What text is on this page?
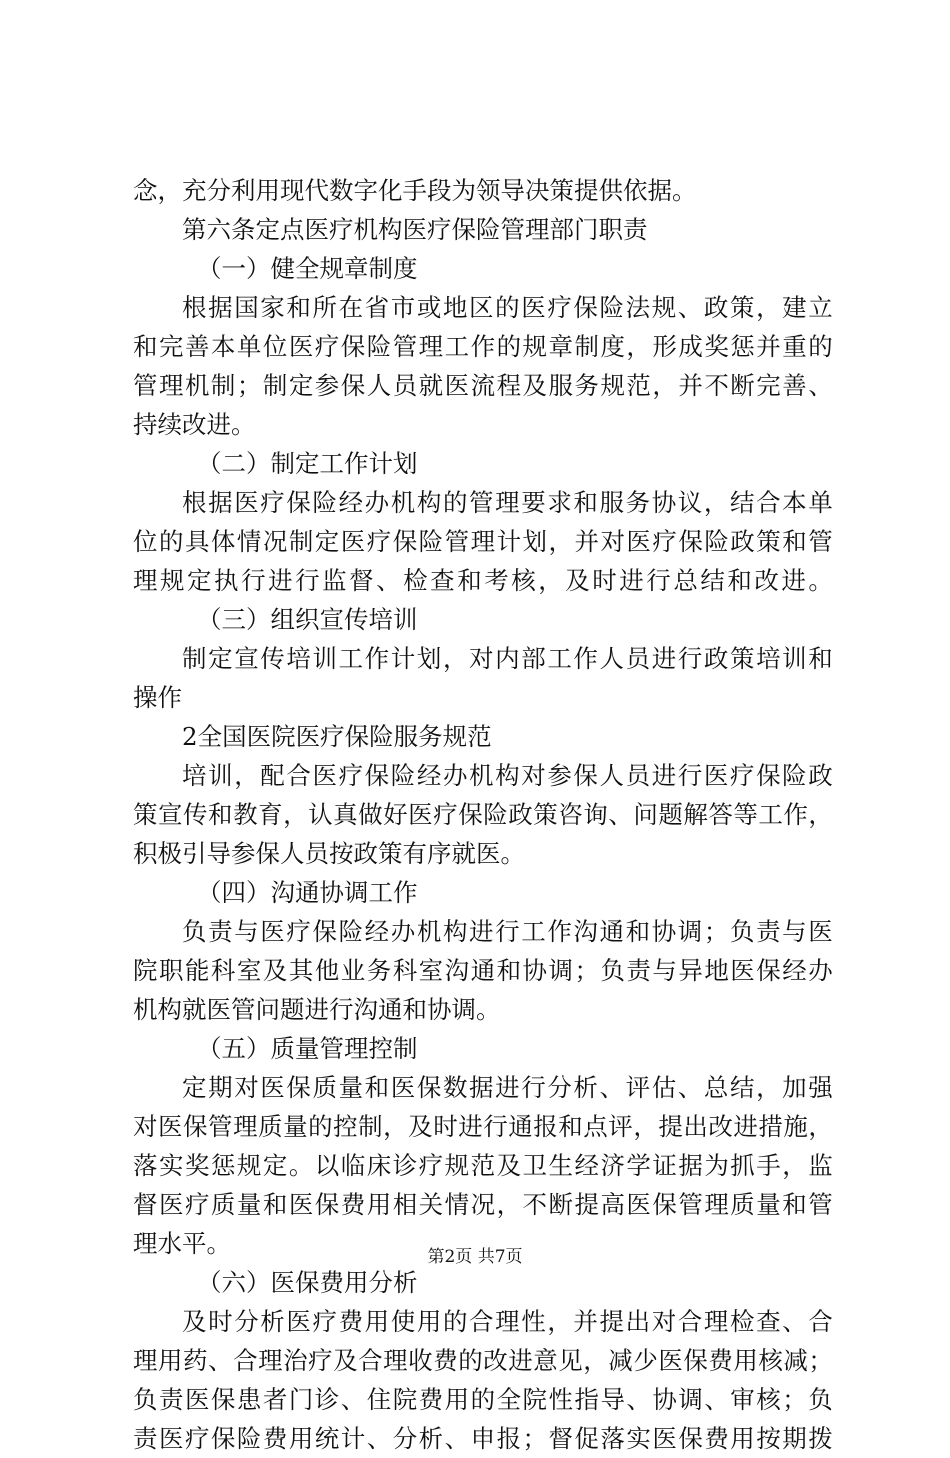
念，充分利用现代数字化手段为领导决策提供依据。
第六条定点医疗机构医疗保险管理部门职责
（一）健全规章制度
根 据 国 家 和 所 在 省 市 或 地 区 的 医 疗 保 险 法 规 、 政 策 ， 建 立
和 完 善 本 单 位 医 疗 保 险 管 理 工 作 的 规 章 制 度 ， 形 成 奖 惩 并 重 的
管 理 机 制 ； 制 定 参 保 人 员 就 医 流 程 及 服 务 规 范 ， 并 不 断 完 善 、
持续改进。
（二）制定工作计划
根 据 医 疗 保 险 经 办 机 构 的 管 理 要 求 和 服 务 协 议 ， 结 合 本 单
位 的 具 体 情 况 制 定 医 疗 保 险 管 理 计 划 ， 并 对 医 疗 保 险 政 策 和 管
理 规 定 执 行 进 行 监 督 、 检 查 和 考 核 ， 及 时 进 行 总 结 和 改 进 。
（三）组织宣传培训
制 定 宣 传 培 训 工 作 计 划 ， 对 内 部 工 作 人 员 进 行 政 策 培 训 和
操作
2全国医院医疗保险服务规范
培 训 ， 配 合 医 疗 保 险 经 办 机 构 对 参 保 人 员 进 行 医 疗 保 险 政
策 宣 传 和 教 育 ， 认 真 做 好 医 疗 保 险 政 策 咨 询 、 问 题 解 答 等 工 作 ，
积极引导参保人员按政策有序就医。
（四）沟通协调工作
负 责 与 医 疗 保 险 经 办 机 构 进 行 工 作 沟 通 和 协 调 ； 负 责 与 医
院 职 能 科 室 及 其 他 业 务 科 室 沟 通 和 协 调 ； 负 责 与 异 地 医 保 经 办
机构就医管问题进行沟通和协调。
（五）质量管理控制
定 期 对 医 保 质 量 和 医 保 数 据 进 行 分 析 、 评 估 、 总 结 ， 加 强
对 医 保 管 理 质 量 的 控 制 ， 及 时 进 行 通 报 和 点 评 ， 提 出 改 进 措 施 ，
落 实 奖 惩 规 定 。 以 临 床 诊 疗 规 范 及 卫 生 经 济 学 证 据 为 抓 手 ， 监
督 医 疗 质 量 和 医 保 费 用 相 关 情 况 ， 不 断 提 高 医 保 管 理 质 量 和 管
理水平。
（六）医保费用分析
及 时 分 析 医 疗 费 用 使 用 的 合 理 性 ， 并 提 出 对 合 理 检 查 、 合
理 用 药 、 合 理 治 疗 及 合 理 收 费 的 改 进 意 见 ， 减 少 医 保 费 用 核 减 ；
负 责 医 保 患 者 门 诊 、 住 院 费 用 的 全 院 性 指 导 、 协 调 、 审 核 ； 负
责 医 疗 保 险 费 用 统 计 、 分 析 、 申 报 ； 督 促 落 实 医 保 费 用 按 期 拨
第2页 共7页
